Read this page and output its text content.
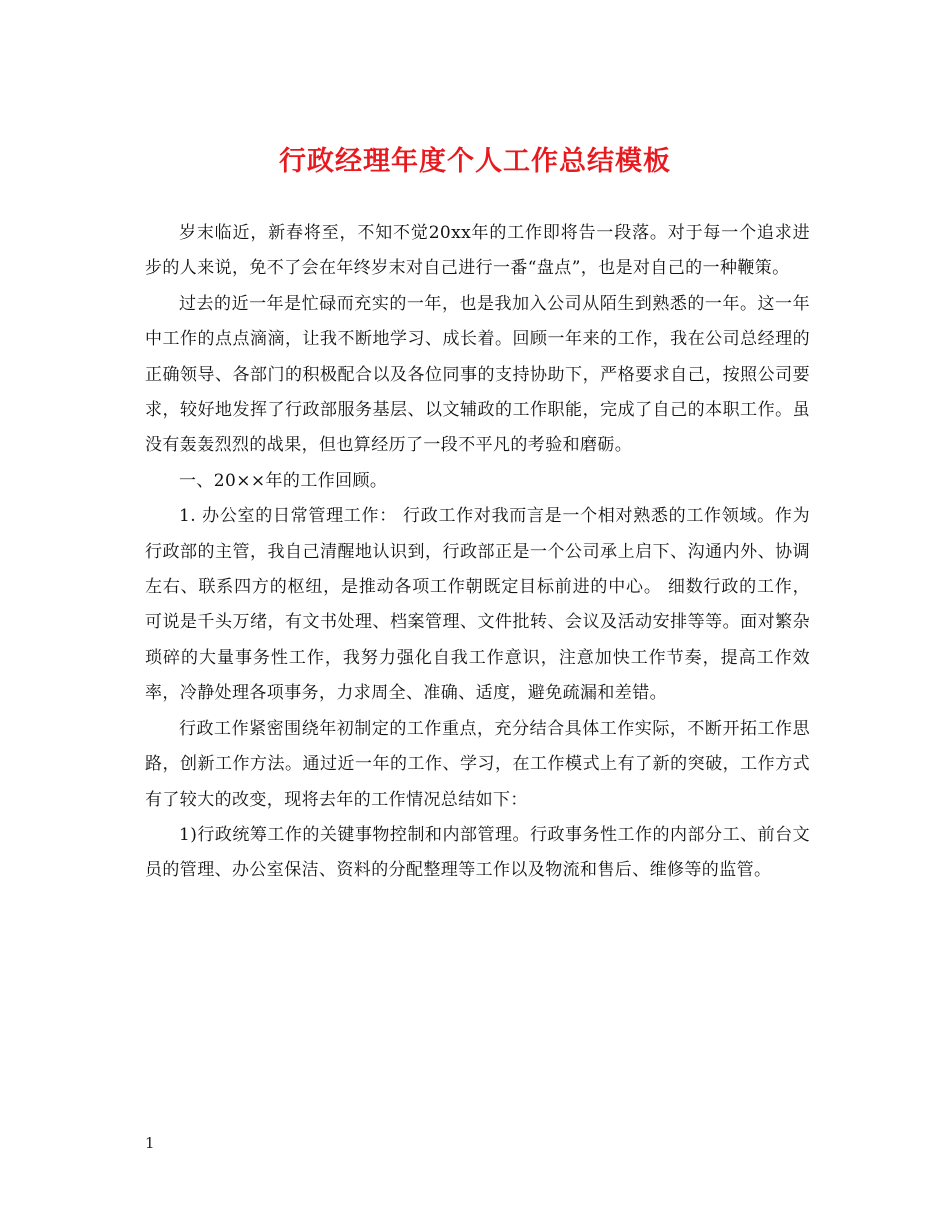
行政经理年度个人工作总结模板

岁末临近，新春将至，不知不觉20xx年的工作即将告一段落。对于每一个追求进步的人来说，免不了会在年终岁末对自己进行一番“盘点”，也是对自己的一种鞭策。

过去的近一年是忙碌而充实的一年，也是我加入公司从陌生到熟悉的一年。这一年中工作的点点滴滴，让我不断地学习、成长着。回顾一年来的工作，我在公司总经理的正确领导、各部门的积极配合以及各位同事的支持协助下，严格要求自己，按照公司要求，较好地发挥了行政部服务基层、以文辅政的工作职能，完成了自己的本职工作。虽没有轰轰烈烈的战果，但也算经历了一段不平凡的考验和磨砺。

一、20××年的工作回顾。

1. 办公室的日常管理工作： 行政工作对我而言是一个相对熟悉的工作领域。作为行政部的主管，我自己清醒地认识到，行政部正是一个公司承上启下、沟通内外、协调左右、联系四方的枢纽，是推动各项工作朝既定目标前进的中心。 细数行政的工作，可说是千头万绪，有文书处理、档案管理、文件批转、会议及活动安排等等。面对繁杂琐碎的大量事务性工作，我努力强化自我工作意识，注意加快工作节奏，提高工作效率，冷静处理各项事务，力求周全、准确、适度，避免疏漏和差错。

行政工作紧密围绕年初制定的工作重点，充分结合具体工作实际，不断开拓工作思路，创新工作方法。通过近一年的工作、学习，在工作模式上有了新的突破，工作方式有了较大的改变，现将去年的工作情况总结如下：

1)行政统筹工作的关键事物控制和内部管理。行政事务性工作的内部分工、前台文员的管理、办公室保洁、资料的分配整理等工作以及物流和售后、维修等的监管。

1
